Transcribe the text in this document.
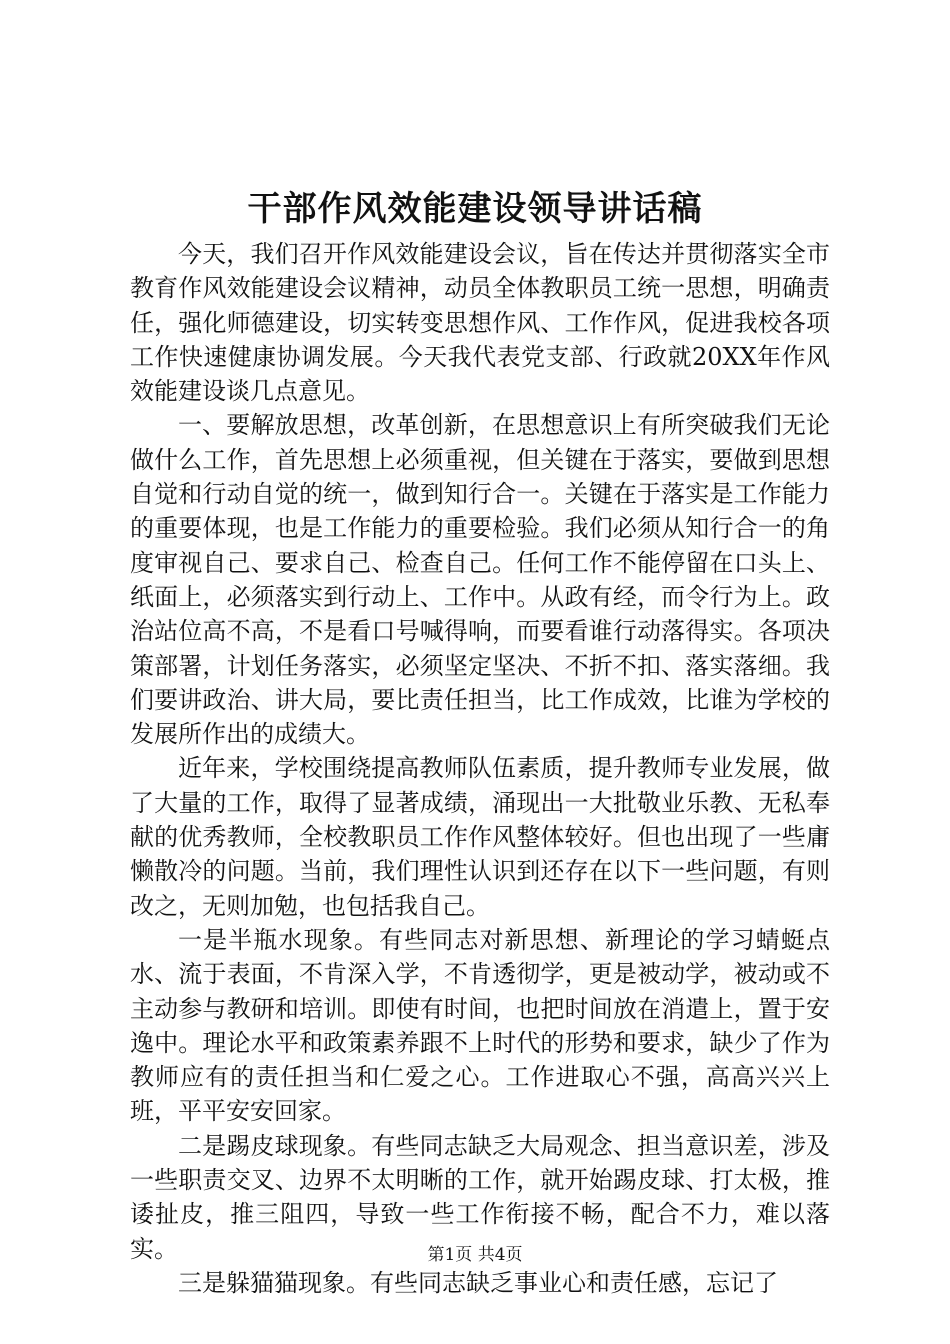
干部作风效能建设领导讲话稿

今天，我们召开作风效能建设会议，旨在传达并贯彻落实全市教育作风效能建设会议精神，动员全体教职员工统一思想，明确责任，强化师德建设，切实转变思想作风、工作作风，促进我校各项工作快速健康协调发展。今天我代表党支部、行政就20XX年作风效能建设谈几点意见。

一、要解放思想，改革创新，在思想意识上有所突破我们无论做什么工作，首先思想上必须重视，但关键在于落实，要做到思想自觉和行动自觉的统一，做到知行合一。关键在于落实是工作能力的重要体现，也是工作能力的重要检验。我们必须从知行合一的角度审视自己、要求自己、检查自己。任何工作不能停留在口头上、纸面上，必须落实到行动上、工作中。从政有经，而令行为上。政治站位高不高，不是看口号喊得响，而要看谁行动落得实。各项决策部署，计划任务落实，必须坚定坚决、不折不扣、落实落细。我们要讲政治、讲大局，要比责任担当，比工作成效，比谁为学校的发展所作出的成绩大。

近年来，学校围绕提高教师队伍素质，提升教师专业发展，做了大量的工作，取得了显著成绩，涌现出一大批敬业乐教、无私奉献的优秀教师，全校教职员工作作风整体较好。但也出现了一些庸懒散冷的问题。当前，我们理性认识到还存在以下一些问题，有则改之，无则加勉，也包括我自己。

一是半瓶水现象。有些同志对新思想、新理论的学习蜻蜓点水、流于表面，不肯深入学，不肯透彻学，更是被动学，被动或不主动参与教研和培训。即使有时间，也把时间放在消遣上，置于安逸中。理论水平和政策素养跟不上时代的形势和要求，缺少了作为教师应有的责任担当和仁爱之心。工作进取心不强，高高兴兴上班，平平安安回家。

二是踢皮球现象。有些同志缺乏大局观念、担当意识差，涉及一些职责交叉、边界不太明晰的工作，就开始踢皮球、打太极，推诿扯皮，推三阻四，导致一些工作衔接不畅，配合不力，难以落实。

三是躲猫猫现象。有些同志缺乏事业心和责任感，忘记了

第1页 共4页
